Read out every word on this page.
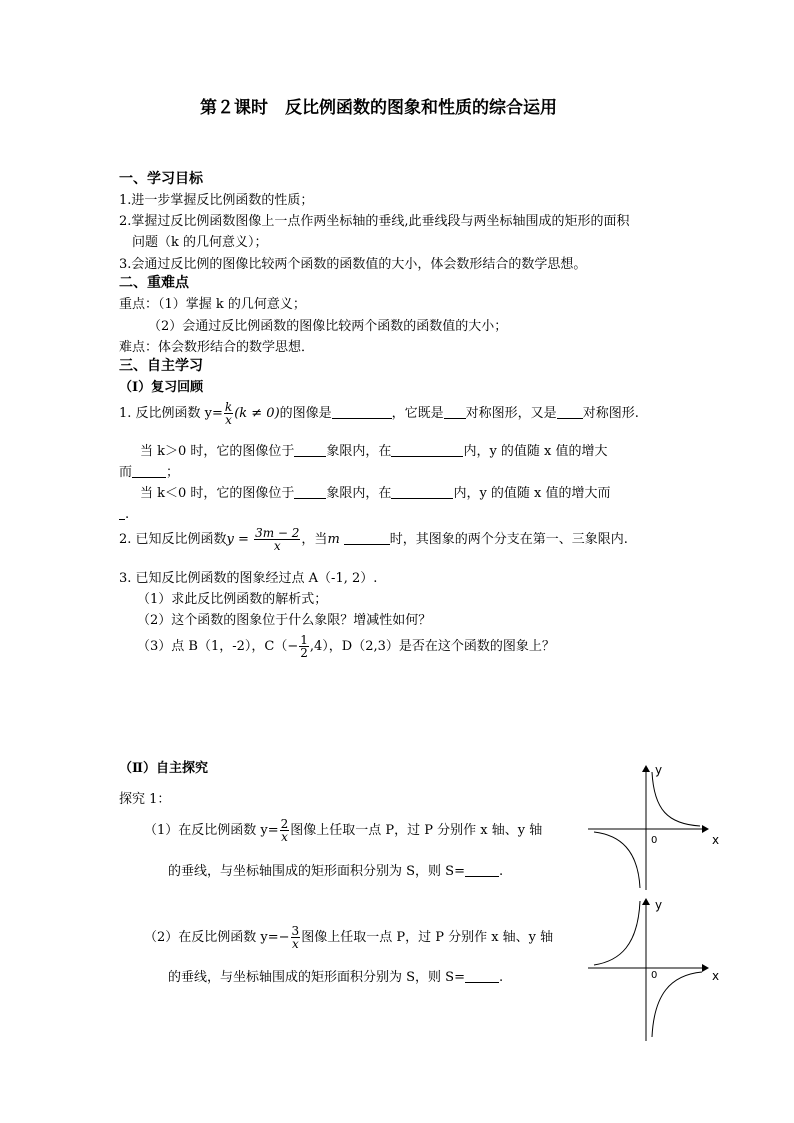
第２课时　反比例函数的图象和性质的综合运用
一、学习目标
1.进一步掌握反比例函数的性质；
2.掌握过反比例函数图像上一点作两坐标轴的垂线,此垂线段与两坐标轴围成的矩形的面积
问题（k 的几何意义）；
3.会通过反比例的图像比较两个函数的函数值的大小，体会数形结合的数学思想。
二、重难点
重点：（1）掌握 k 的几何意义；
（2）会通过反比例函数的图像比较两个函数的函数值的大小；
难点：体会数形结合的数学思想．
三、自主学习
（Ⅰ）复习回顾
1. 反比例函数 $y= \frac{k}{x} (k \ne 0)$的图像是	，它既是 对称图形，又是 对称图形.
当 k＞0 时，它的图像位于 象限内，在	内，y 的值随 x 值的增大
而	；
当 k＜0 时，它的图像位于 象限内，在	内，y 的值随 x 值的增大而
.
2. 已知反比例函数$y = \frac{3m - 2}{x}$ ，当m	时，其图象的两个分支在第一、三象限内.
3. 已知反比例函数的图象经过点 A（-1, 2）.
（1）求此反比例函数的解析式；
（2）这个函数的图象位于什么象限？增减性如何？
（3）点 B（1，-2），$C(- \frac{1}{2} ,4)$，D（2,3）是否在这个函数的图象上？
（Ⅱ）自主探究
探究 1：
（1）在反比例函数 $y= \frac{2}{x}$ 图像上任取一点 P，过 P 分别作 x 轴、y 轴
的垂线，与坐标轴围成的矩形面积分别为 S，则 S=	.
（2）在反比例函数 $y=- \frac{3}{x}$ 图像上任取一点 P，过 P 分别作 x 轴、y 轴
的垂线，与坐标轴围成的矩形面积分别为 S，则 S=	.
y
x
0
y
x
0
